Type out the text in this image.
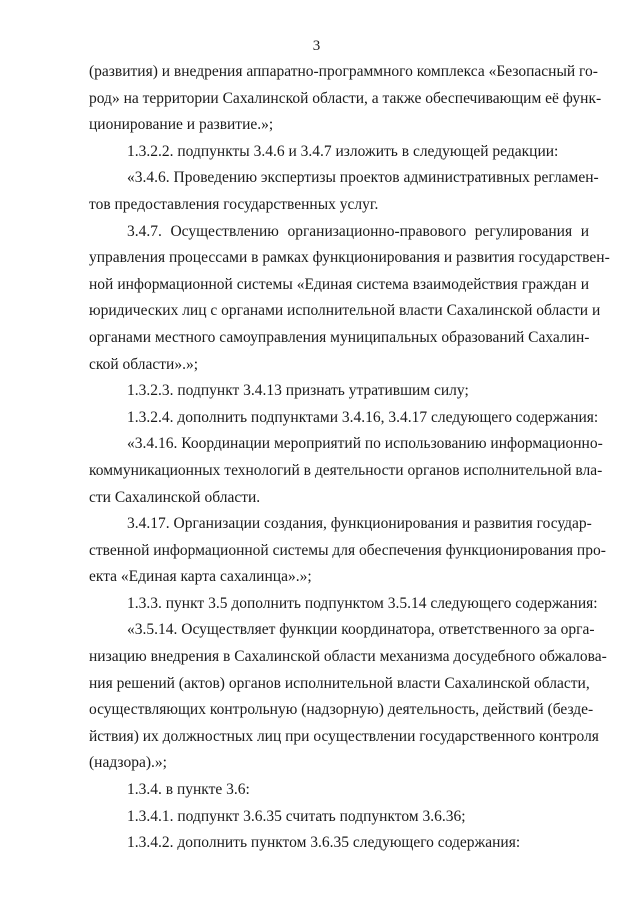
3
(развития) и внедрения аппаратно-программного комплекса «Безопасный го-
род» на территории Сахалинской области, а также обеспечивающим её функ-
ционирование и развитие.»;
1.3.2.2. подпункты 3.4.6 и 3.4.7 изложить в следующей редакции:
«3.4.6. Проведению экспертизы проектов административных регламен-
тов предоставления государственных услуг.
3.4.7. Осуществлению организационно-правового регулирования и
управления процессами в рамках функционирования и развития государствен-
ной информационной системы «Единая система взаимодействия граждан и
юридических лиц с органами исполнительной власти Сахалинской области и
органами местного самоуправления муниципальных образований Сахалин-
ской области».»;
1.3.2.3. подпункт 3.4.13 признать утратившим силу;
1.3.2.4. дополнить подпунктами 3.4.16, 3.4.17 следующего содержания:
«3.4.16. Координации мероприятий по использованию информационно-
коммуникационных технологий в деятельности органов исполнительной вла-
сти Сахалинской области.
3.4.17. Организации создания, функционирования и развития государ-
ственной информационной системы для обеспечения функционирования про-
екта «Единая карта сахалинца».»;
1.3.3. пункт 3.5 дополнить подпунктом 3.5.14 следующего содержания:
«3.5.14. Осуществляет функции координатора, ответственного за орга-
низацию внедрения в Сахалинской области механизма досудебного обжалова-
ния решений (актов) органов исполнительной власти Сахалинской области,
осуществляющих контрольную (надзорную) деятельность, действий (безде-
йствия) их должностных лиц при осуществлении государственного контроля
(надзора).»;
1.3.4. в пункте 3.6:
1.3.4.1. подпункт 3.6.35 считать подпунктом 3.6.36;
1.3.4.2. дополнить пунктом 3.6.35 следующего содержания:
